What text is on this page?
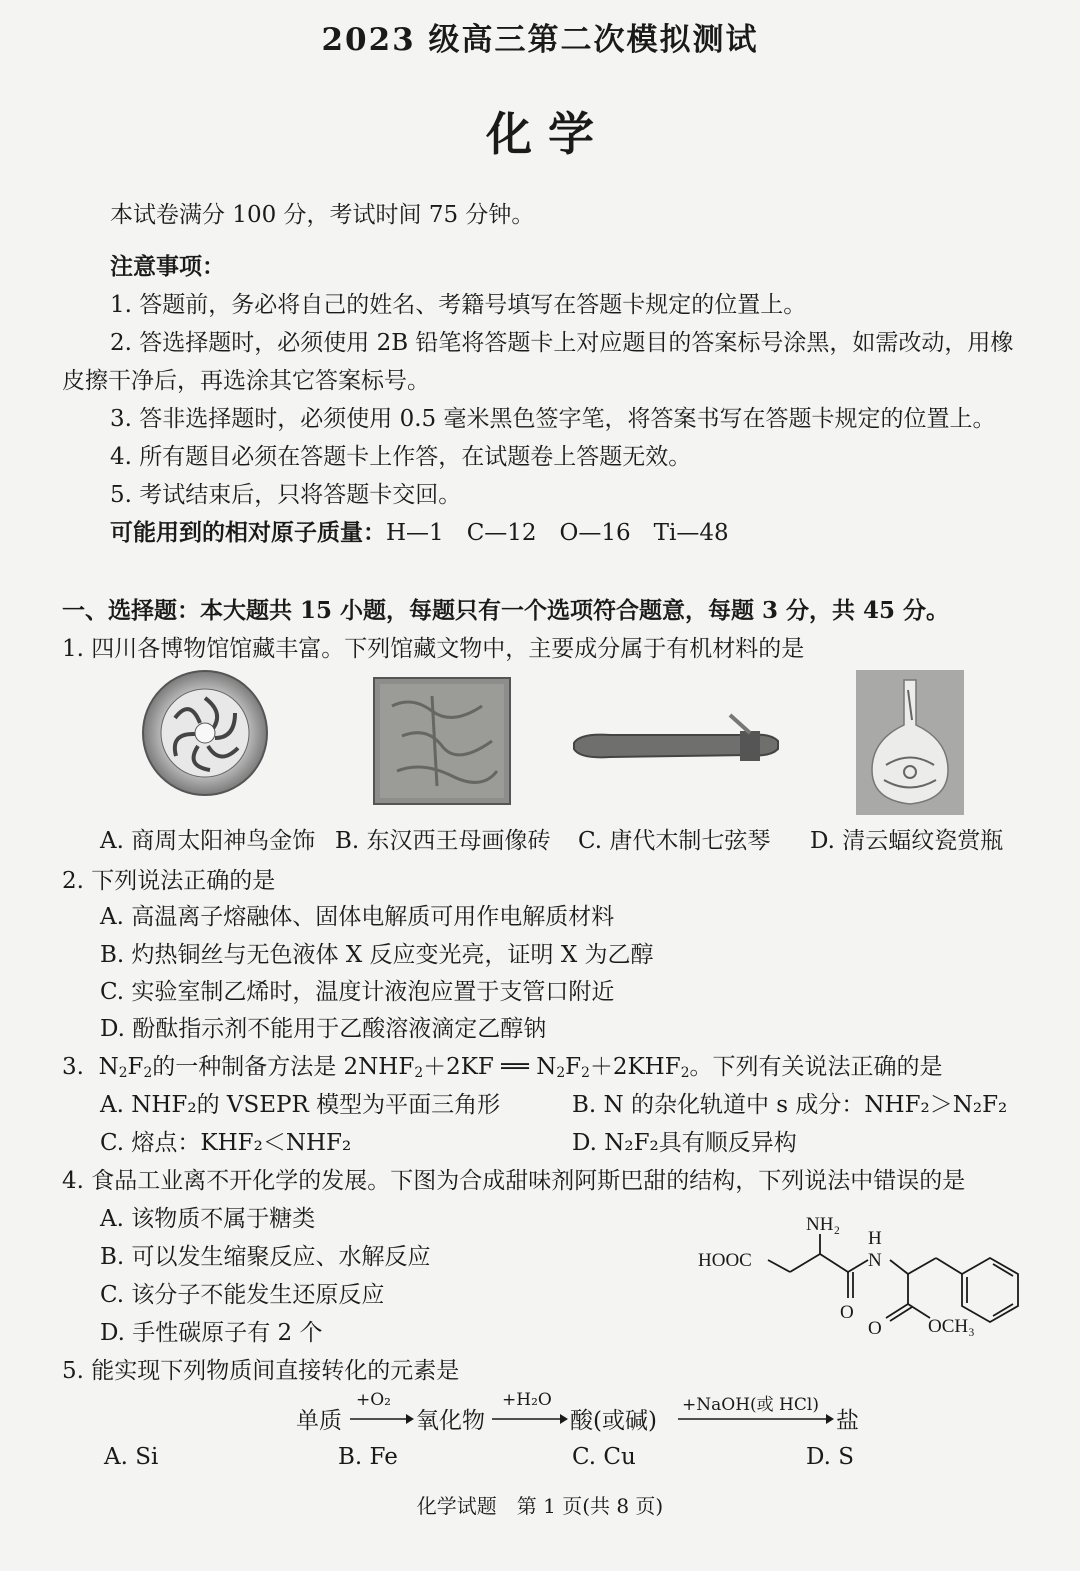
2023 级高三第二次模拟测试
化 学
本试卷满分 100 分，考试时间 75 分钟。
注意事项：
1. 答题前，务必将自己的姓名、考籍号填写在答题卡规定的位置上。
2. 答选择题时，必须使用 2B 铅笔将答题卡上对应题目的答案标号涂黑，如需改动，用橡
皮擦干净后，再选涂其它答案标号。
3. 答非选择题时，必须使用 0.5 毫米黑色签字笔，将答案书写在答题卡规定的位置上。
4. 所有题目必须在答题卡上作答，在试题卷上答题无效。
5. 考试结束后，只将答题卡交回。
可能用到的相对原子质量：H—1　C—12　O—16　Ti—48
一、选择题：本大题共 15 小题，每题只有一个选项符合题意，每题 3 分，共 45 分。
1. 四川各博物馆馆藏丰富。下列馆藏文物中，主要成分属于有机材料的是
A. 商周太阳神鸟金饰 B. 东汉西王母画像砖 C. 唐代木制七弦琴 D. 清云蝠纹瓷赏瓶
2. 下列说法正确的是
A. 高温离子熔融体、固体电解质可用作电解质材料
B. 灼热铜丝与无色液体 X 反应变光亮，证明 X 为乙醇
C. 实验室制乙烯时，温度计液泡应置于支管口附近
D. 酚酞指示剂不能用于乙酸溶液滴定乙醇钠
3. $N_2F_2$的一种制备方法是 $2NHF_2+2KF$ ══ $N_2F_2+2KHF_2$。下列有关说法正确的是
A. NHF₂的 VSEPR 模型为平面三角形	B. N 的杂化轨道中 s 成分：NHF₂＞N₂F₂
C. 熔点：KHF₂＜NHF₂	D. N₂F₂具有顺反异构
4. 食品工业离不开化学的发展。下图为合成甜味剂阿斯巴甜的结构，下列说法中错误的是
A. 该物质不属于糖类
B. 可以发生缩聚反应、水解反应
C. 该分子不能发生还原反应
D. 手性碳原子有 2 个
NH₂
H
N
HOOC
O
O OCH₃
5. 能实现下列物质间直接转化的元素是
单质
+O₂
氧化物
+H₂O
酸(或碱)
+NaOH(或 HCl)
盐
A. Si	B. Fe	C. Cu	D. S
化学试题　第 1 页(共 8 页)
